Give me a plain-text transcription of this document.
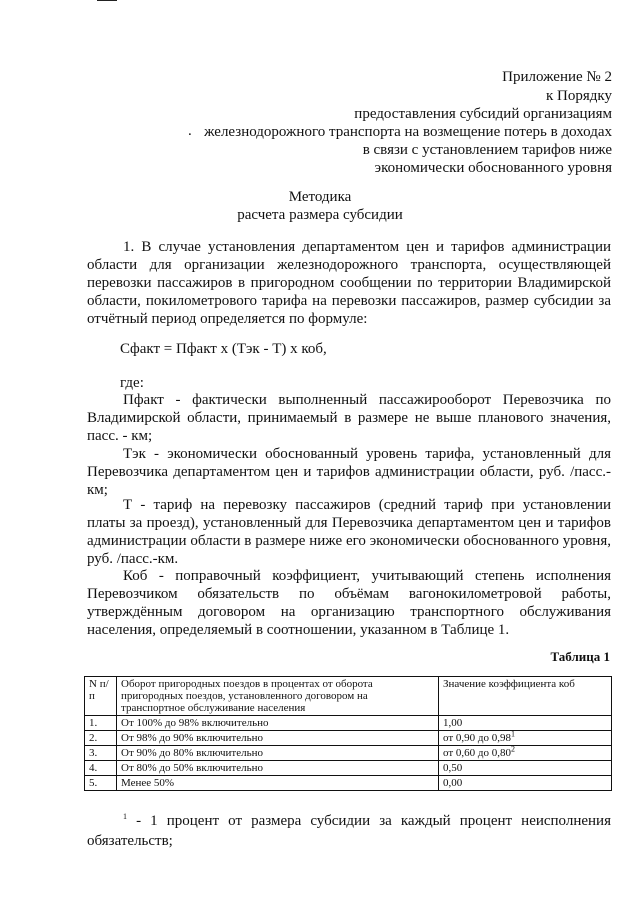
Приложение № 2
к Порядку
предоставления субсидий организациям
. железнодорожного транспорта на возмещение потерь в доходах
в связи с установлением тарифов ниже
экономически обоснованного уровня
Методика
расчета размера субсидии
1. В случае установления департаментом цен и тарифов администрации области для организации железнодорожного транспорта, осуществляющей перевозки пассажиров в пригородном сообщении по территории Владимирской области, покилометрового тарифа на перевозки пассажиров, размер субсидии за отчётный период определяется по формуле:
Сфакт = Пфакт х (Тэк - Т) х коб,
где:
Пфакт - фактически выполненный пассажирооборот Перевозчика по Владимирской области, принимаемый в размере не выше планового значения, пасс. - км;
Тэк - экономически обоснованный уровень тарифа, установленный для Перевозчика департаментом цен и тарифов администрации области, руб. /пасс.-км;
Т - тариф на перевозку пассажиров (средний тариф при установлении платы за проезд), установленный для Перевозчика департаментом цен и тарифов администрации области в размере ниже его экономически обоснованного уровня, руб. /пасс.-км.
Коб - поправочный коэффициент, учитывающий степень исполнения Перевозчиком обязательств по объёмам вагонокилометровой работы, утверждённым договором на организацию транспортного обслуживания населения, определяемый в соотношении, указанном в Таблице 1.
Таблица 1
N п/п	Оборот пригородных поездов в процентах от оборота пригородных поездов, установленного договором на транспортное обслуживание населения	Значение коэффициента коб
1.	От 100% до 98% включительно	1,00
2.	От 98% до 90% включительно	от 0,90 до 0,98$^1$
3.	От 90% до 80% включительно	от 0,60 до 0,80$^2$
4.	От 80% до 50% включительно	0,50
5.	Менее 50%	0,00
$^1$ - 1 процент от размера субсидии за каждый процент неисполнения обязательств;
